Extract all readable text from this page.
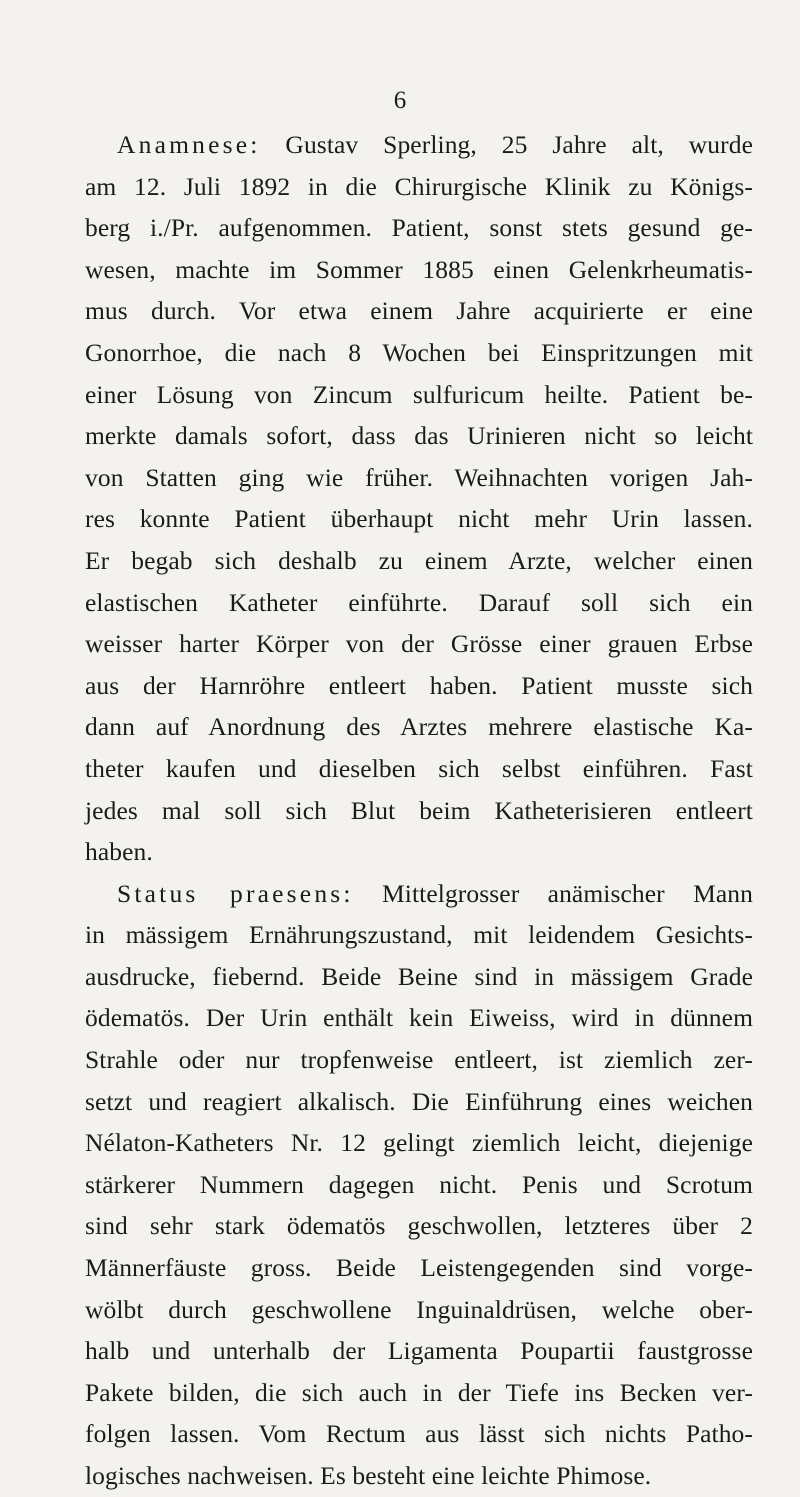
6
Anamnese: Gustav Sperling, 25 Jahre alt, wurde
am 12. Juli 1892 in die Chirurgische Klinik zu Königs-
berg i./Pr. aufgenommen. Patient, sonst stets gesund ge-
wesen, machte im Sommer 1885 einen Gelenkrheumatis-
mus durch. Vor etwa einem Jahre acquirierte er eine
Gonorrhoe, die nach 8 Wochen bei Einspritzungen mit
einer Lösung von Zincum sulfuricum heilte. Patient be-
merkte damals sofort, dass das Urinieren nicht so leicht
von Statten ging wie früher. Weihnachten vorigen Jah-
res konnte Patient überhaupt nicht mehr Urin lassen.
Er begab sich deshalb zu einem Arzte, welcher einen
elastischen Katheter einführte. Darauf soll sich ein
weisser harter Körper von der Grösse einer grauen Erbse
aus der Harnröhre entleert haben. Patient musste sich
dann auf Anordnung des Arztes mehrere elastische Ka-
theter kaufen und dieselben sich selbst einführen. Fast
jedes mal soll sich Blut beim Katheterisieren entleert
haben.
Status praesens: Mittelgrosser anämischer Mann
in mässigem Ernährungszustand, mit leidendem Gesichts-
ausdrucke, fiebernd. Beide Beine sind in mässigem Grade
ödematös. Der Urin enthält kein Eiweiss, wird in dünnem
Strahle oder nur tropfenweise entleert, ist ziemlich zer-
setzt und reagiert alkalisch. Die Einführung eines weichen
Nélaton-Katheters Nr. 12 gelingt ziemlich leicht, diejenige
stärkerer Nummern dagegen nicht. Penis und Scrotum
sind sehr stark ödematös geschwollen, letzteres über 2
Männerfäuste gross. Beide Leistengegenden sind vorge-
wölbt durch geschwollene Inguinaldrüsen, welche ober-
halb und unterhalb der Ligamenta Poupartii faustgrosse
Pakete bilden, die sich auch in der Tiefe ins Becken ver-
folgen lassen. Vom Rectum aus lässt sich nichts Patho-
logisches nachweisen. Es besteht eine leichte Phimose.
